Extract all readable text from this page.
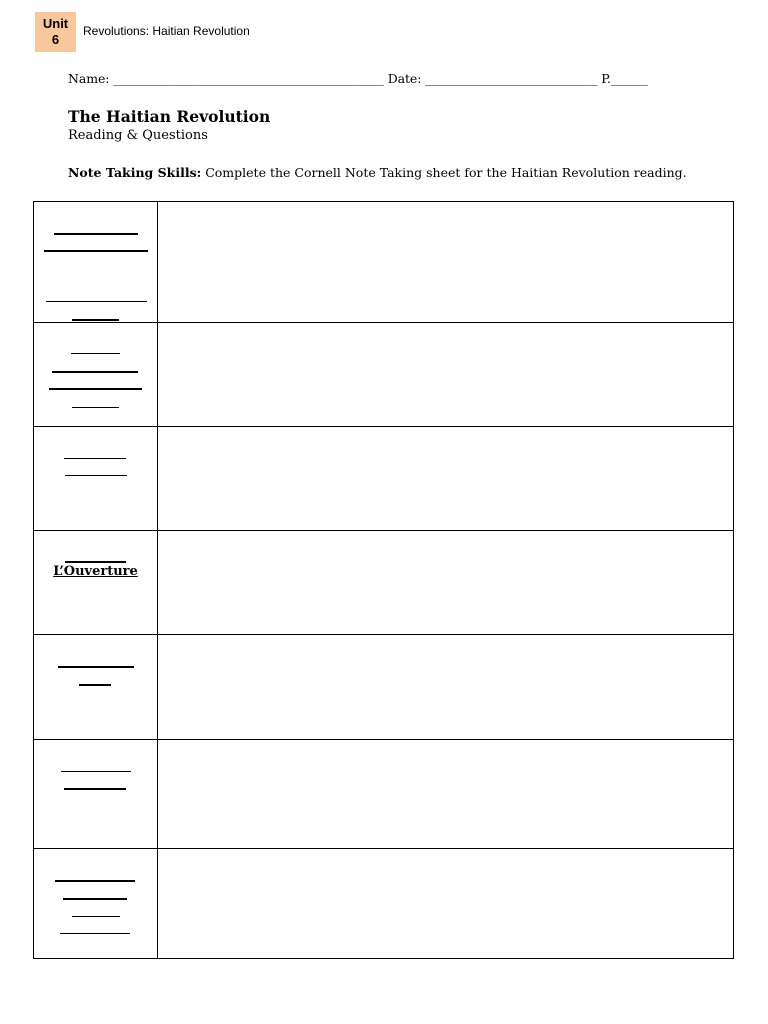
Unit
6
Revolutions: Haitian Revolution
Name: ____________________________________________ Date: ____________________________ P.______
The Haitian Revolution
Reading & Questions
Note Taking Skills: Complete the Cornell Note Taking sheet for the Haitian Revolution reading.

L’Ouverture	
